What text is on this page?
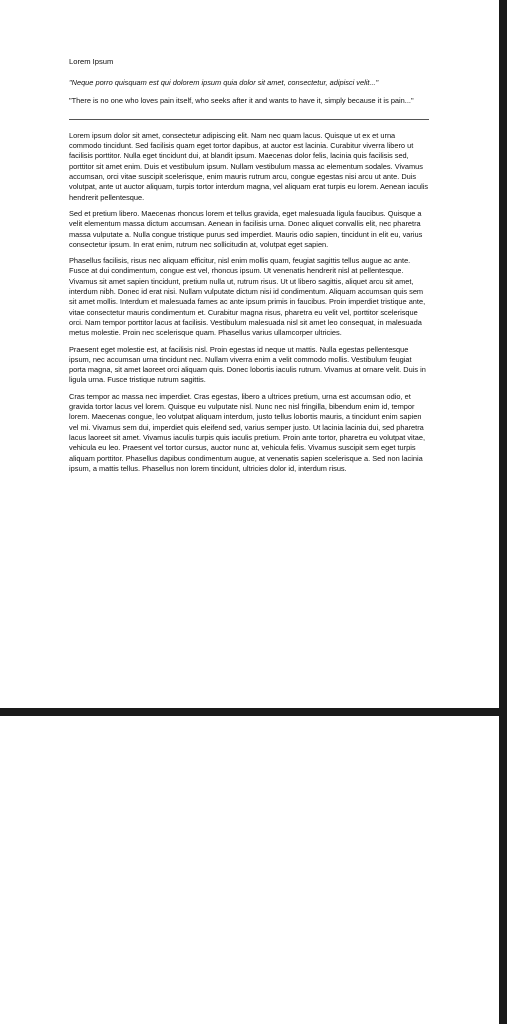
Lorem Ipsum
"Neque porro quisquam est qui dolorem ipsum quia dolor sit amet, consectetur, adipisci velit..."
"There is no one who loves pain itself, who seeks after it and wants to have it, simply because it is pain..."

Lorem ipsum dolor sit amet, consectetur adipiscing elit. Nam nec quam lacus. Quisque ut ex et urna commodo tincidunt. Sed facilisis quam eget tortor dapibus, at auctor est lacinia. Curabitur viverra libero ut facilisis porttitor. Nulla eget tincidunt dui, at blandit ipsum. Maecenas dolor felis, lacinia quis facilisis sed, porttitor sit amet enim. Duis et vestibulum ipsum. Nullam vestibulum massa ac elementum sodales. Vivamus accumsan, orci vitae suscipit scelerisque, enim mauris rutrum arcu, congue egestas nisi arcu ut ante. Duis volutpat, ante ut auctor aliquam, turpis tortor interdum magna, vel aliquam erat turpis eu lorem. Aenean iaculis hendrerit pellentesque.

Sed et pretium libero. Maecenas rhoncus lorem et tellus gravida, eget malesuada ligula faucibus. Quisque a velit elementum massa dictum accumsan. Aenean in facilisis urna. Donec aliquet convallis elit, nec pharetra massa vulputate a. Nulla congue tristique purus sed imperdiet. Mauris odio sapien, tincidunt in elit eu, varius consectetur ipsum. In erat enim, rutrum nec sollicitudin at, volutpat eget sapien.

Phasellus facilisis, risus nec aliquam efficitur, nisl enim mollis quam, feugiat sagittis tellus augue ac ante. Fusce at dui condimentum, congue est vel, rhoncus ipsum. Ut venenatis hendrerit nisl at pellentesque. Vivamus sit amet sapien tincidunt, pretium nulla ut, rutrum risus. Ut ut libero sagittis, aliquet arcu sit amet, interdum nibh. Donec id erat nisi. Nullam vulputate dictum nisi id condimentum. Aliquam accumsan quis sem sit amet mollis. Interdum et malesuada fames ac ante ipsum primis in faucibus. Proin imperdiet tristique ante, vitae consectetur mauris condimentum et. Curabitur magna risus, pharetra eu velit vel, porttitor scelerisque orci. Nam tempor porttitor lacus at facilisis. Vestibulum malesuada nisl sit amet leo consequat, in malesuada metus molestie. Proin nec scelerisque quam. Phasellus varius ullamcorper ultricies.

Praesent eget molestie est, at facilisis nisl. Proin egestas id neque ut mattis. Nulla egestas pellentesque ipsum, nec accumsan urna tincidunt nec. Nullam viverra enim a velit commodo mollis. Vestibulum feugiat porta magna, sit amet laoreet orci aliquam quis. Donec lobortis iaculis rutrum. Vivamus at ornare velit. Duis in ligula urna. Fusce tristique rutrum sagittis.

Cras tempor ac massa nec imperdiet. Cras egestas, libero a ultrices pretium, urna est accumsan odio, et gravida tortor lacus vel lorem. Quisque eu vulputate nisl. Nunc nec nisl fringilla, bibendum enim id, tempor lorem. Maecenas congue, leo volutpat aliquam interdum, justo tellus lobortis mauris, a tincidunt enim sapien vel mi. Vivamus sem dui, imperdiet quis eleifend sed, varius semper justo. Ut lacinia lacinia dui, sed pharetra lacus laoreet sit amet. Vivamus iaculis turpis quis iaculis pretium. Proin ante tortor, pharetra eu volutpat vitae, vehicula eu leo. Praesent vel tortor cursus, auctor nunc at, vehicula felis. Vivamus suscipit sem eget turpis aliquam porttitor. Phasellus dapibus condimentum augue, at venenatis sapien scelerisque a. Sed non lacinia ipsum, a mattis tellus. Phasellus non lorem tincidunt, ultricies dolor id, interdum risus.
